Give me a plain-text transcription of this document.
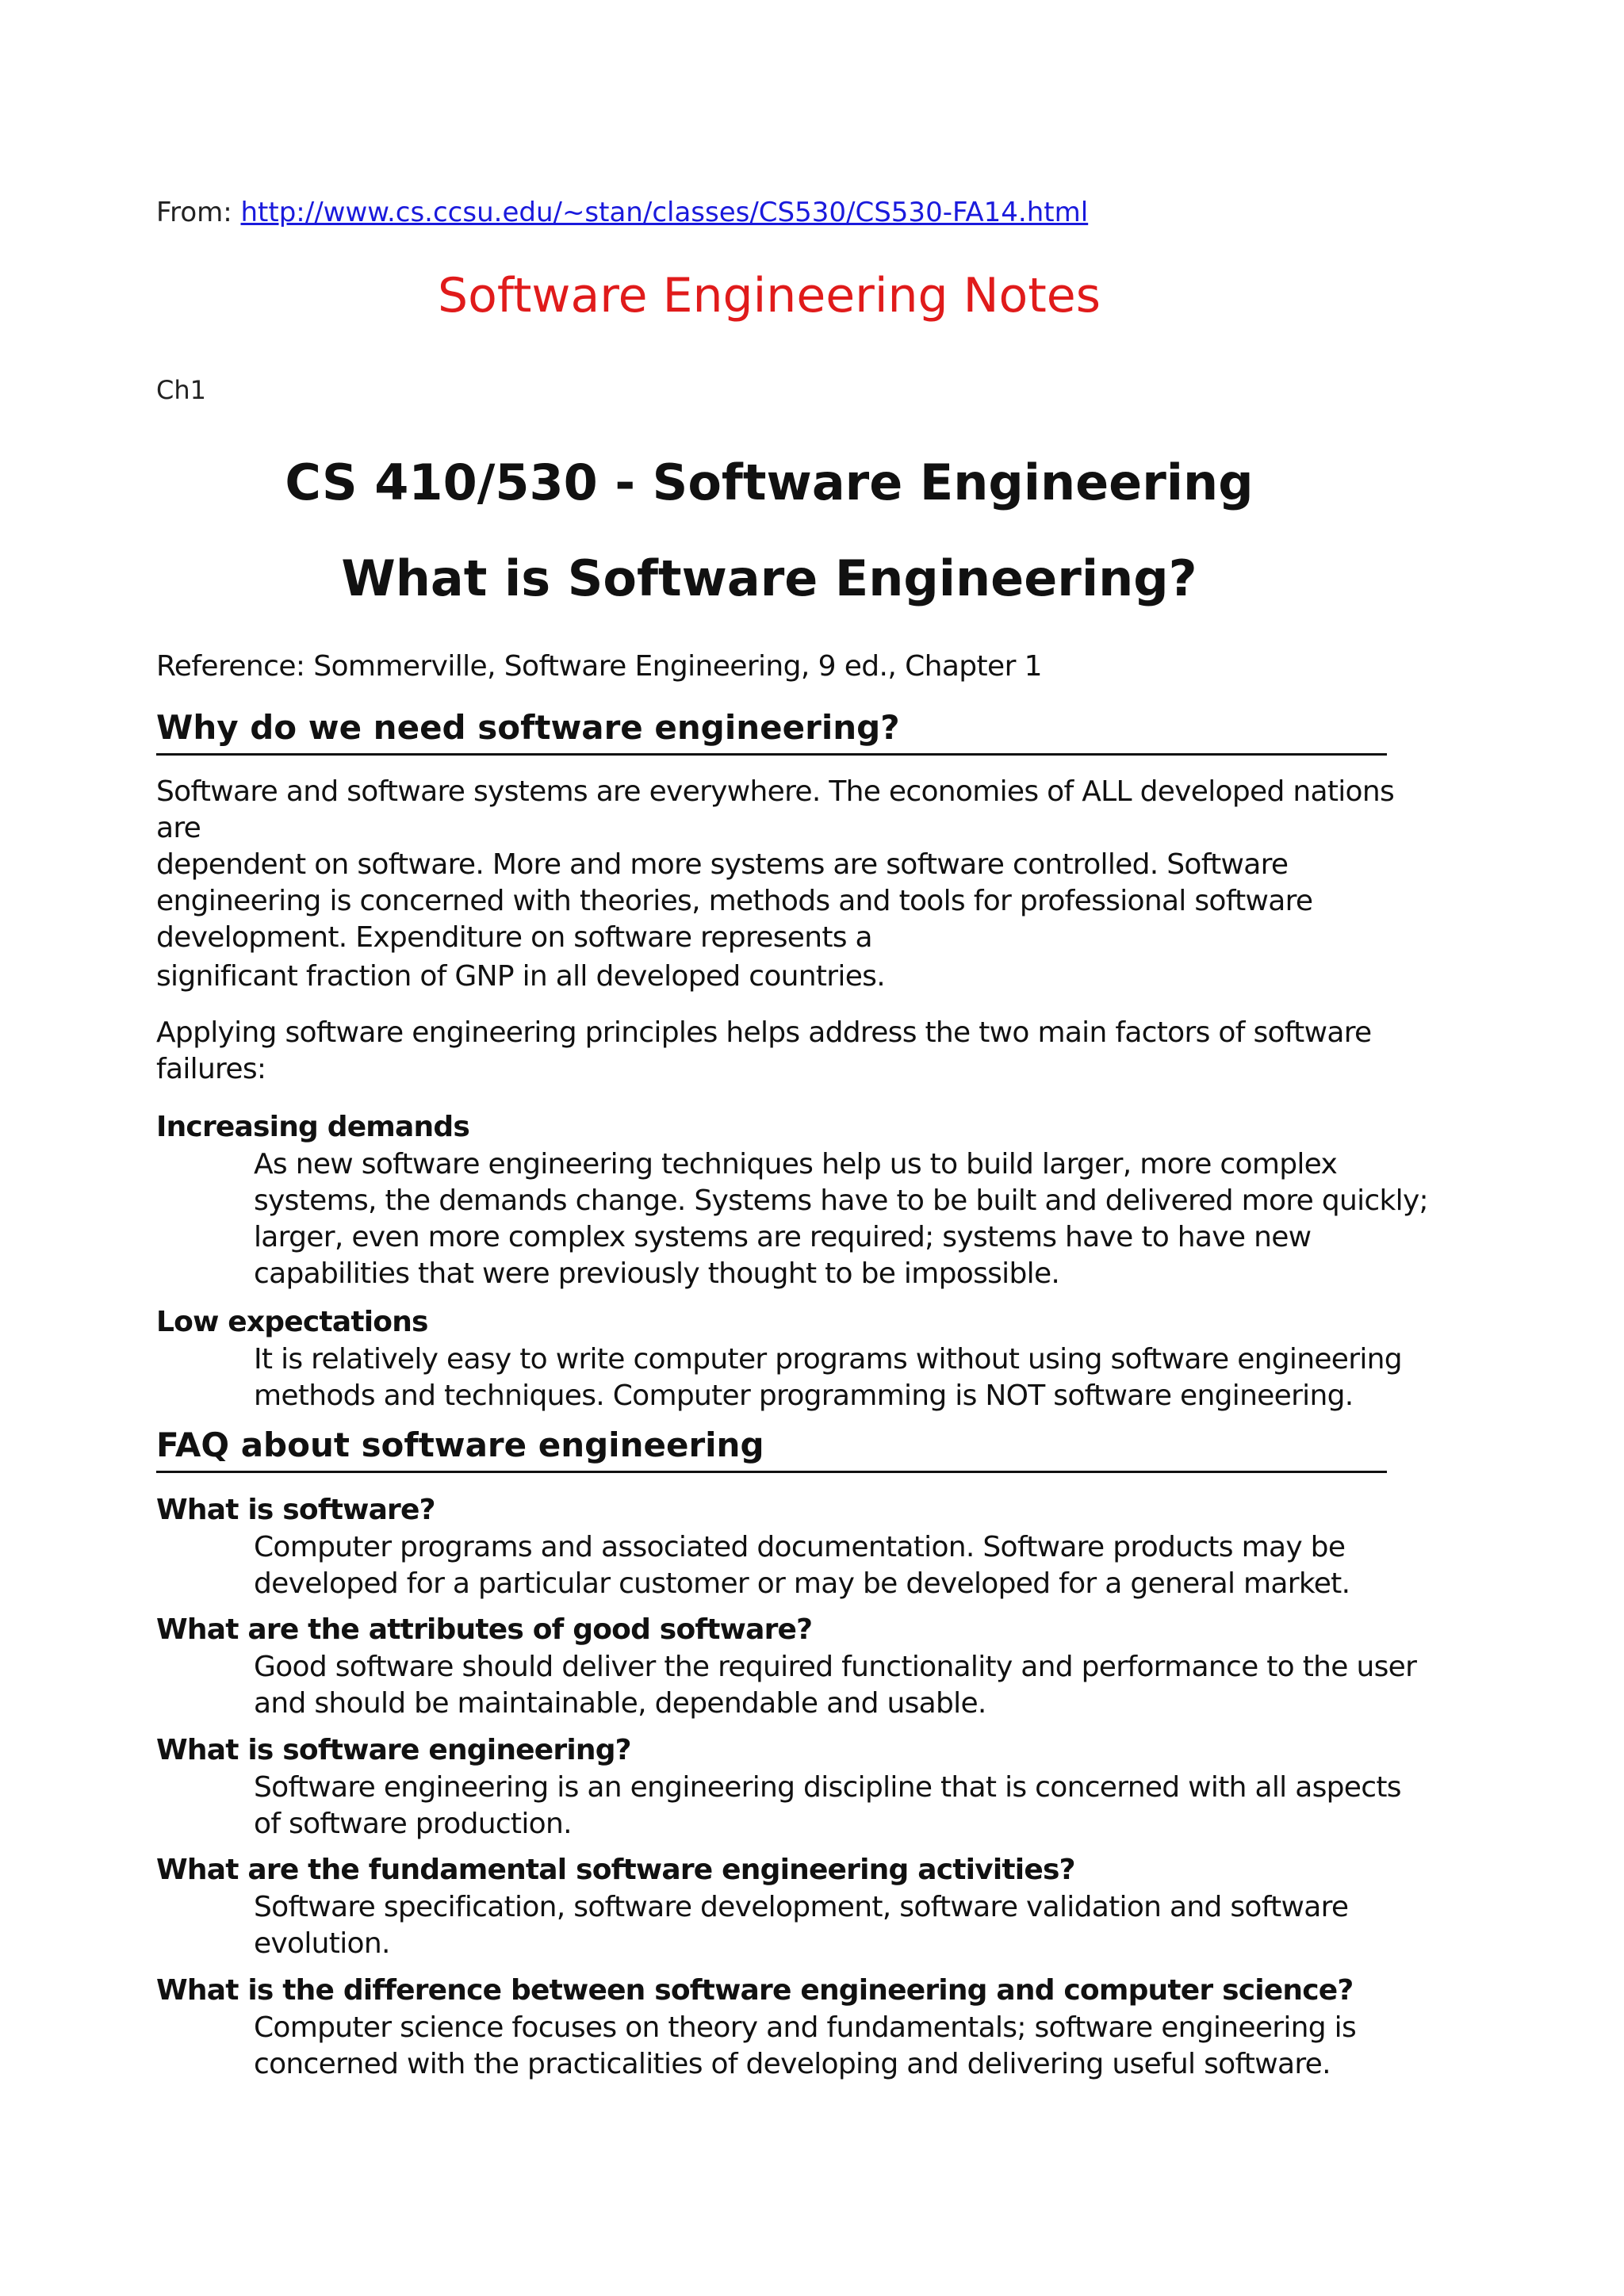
From: http://www.cs.ccsu.edu/~stan/classes/CS530/CS530-FA14.html
Software Engineering Notes
Ch1
CS 410/530 - Software Engineering
What is Software Engineering?
Reference: Sommerville, Software Engineering, 9 ed., Chapter 1
Why do we need software engineering?
Software and software systems are everywhere. The economies of ALL developed nations
are
dependent on software. More and more systems are software controlled. Software
engineering is concerned with theories, methods and tools for professional software
development. Expenditure on software represents a
significant fraction of GNP in all developed countries.
Applying software engineering principles helps address the two main factors of software
failures:
Increasing demands
As new software engineering techniques help us to build larger, more complex
systems, the demands change. Systems have to be built and delivered more quickly;
larger, even more complex systems are required; systems have to have new
capabilities that were previously thought to be impossible.
Low expectations
It is relatively easy to write computer programs without using software engineering
methods and techniques. Computer programming is NOT software engineering.
FAQ about software engineering
What is software?
Computer programs and associated documentation. Software products may be
developed for a particular customer or may be developed for a general market.
What are the attributes of good software?
Good software should deliver the required functionality and performance to the user
and should be maintainable, dependable and usable.
What is software engineering?
Software engineering is an engineering discipline that is concerned with all aspects
of software production.
What are the fundamental software engineering activities?
Software specification, software development, software validation and software
evolution.
What is the difference between software engineering and computer science?
Computer science focuses on theory and fundamentals; software engineering is
concerned with the practicalities of developing and delivering useful software.
